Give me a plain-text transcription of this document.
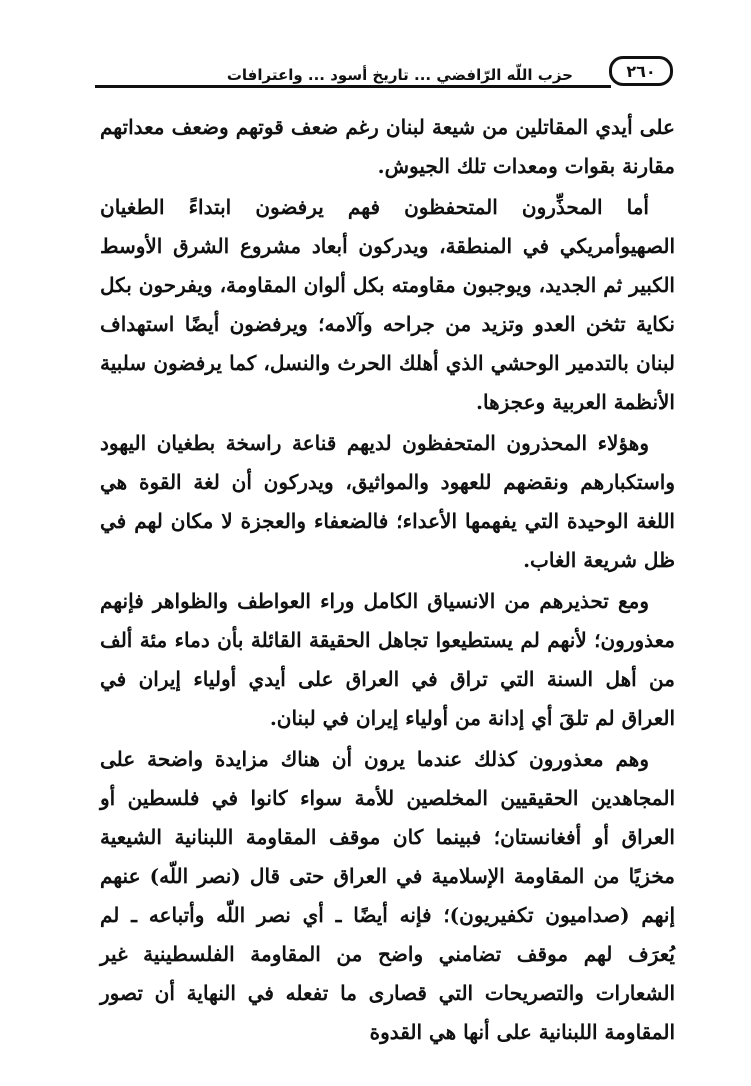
٢٦٠
حزب اللّه الرّافضي ... تاريخ أسود ... واعترافات

على أيدي المقاتلين من شيعة لبنان رغم ضعف قوتهم وضعف معداتهم مقارنة بقوات ومعدات تلك الجيوش.

أما المحذِّرون المتحفظون فهم يرفضون ابتداءً الطغيان الصهيوأمريكي في المنطقة، ويدركون أبعاد مشروع الشرق الأوسط الكبير ثم الجديد، ويوجبون مقاومته بكل ألوان المقاومة، ويفرحون بكل نكاية تثخن العدو وتزيد من جراحه وآلامه؛ ويرفضون أيضًا استهداف لبنان بالتدمير الوحشي الذي أهلك الحرث والنسل، كما يرفضون سلبية الأنظمة العربية وعجزها.

وهؤلاء المحذرون المتحفظون لديهم قناعة راسخة بطغيان اليهود واستكبارهم ونقضهم للعهود والمواثيق، ويدركون أن لغة القوة هي اللغة الوحيدة التي يفهمها الأعداء؛ فالضعفاء والعجزة لا مكان لهم في ظل شريعة الغاب.

ومع تحذيرهم من الانسياق الكامل وراء العواطف والظواهر فإنهم معذورون؛ لأنهم لم يستطيعوا تجاهل الحقيقة القائلة بأن دماء مئة ألف من أهل السنة التي تراق في العراق على أيدي أولياء إيران في العراق لم تلقَ أي إدانة من أولياء إيران في لبنان.

وهم معذورون كذلك عندما يرون أن هناك مزايدة واضحة على المجاهدين الحقيقيين المخلصين للأمة سواء كانوا في فلسطين أو العراق أو أفغانستان؛ فبينما كان موقف المقاومة اللبنانية الشيعية مخزيًا من المقاومة الإسلامية في العراق حتى قال (نصر اللّه) عنهم إنهم (صداميون تكفيريون)؛ فإنه أيضًا ـ أي نصر اللّه وأتباعه ـ لم يُعرَف لهم موقف تضامني واضح من المقاومة الفلسطينية غير الشعارات والتصريحات التي قصارى ما تفعله في النهاية أن تصور المقاومة اللبنانية على أنها هي القدوة
